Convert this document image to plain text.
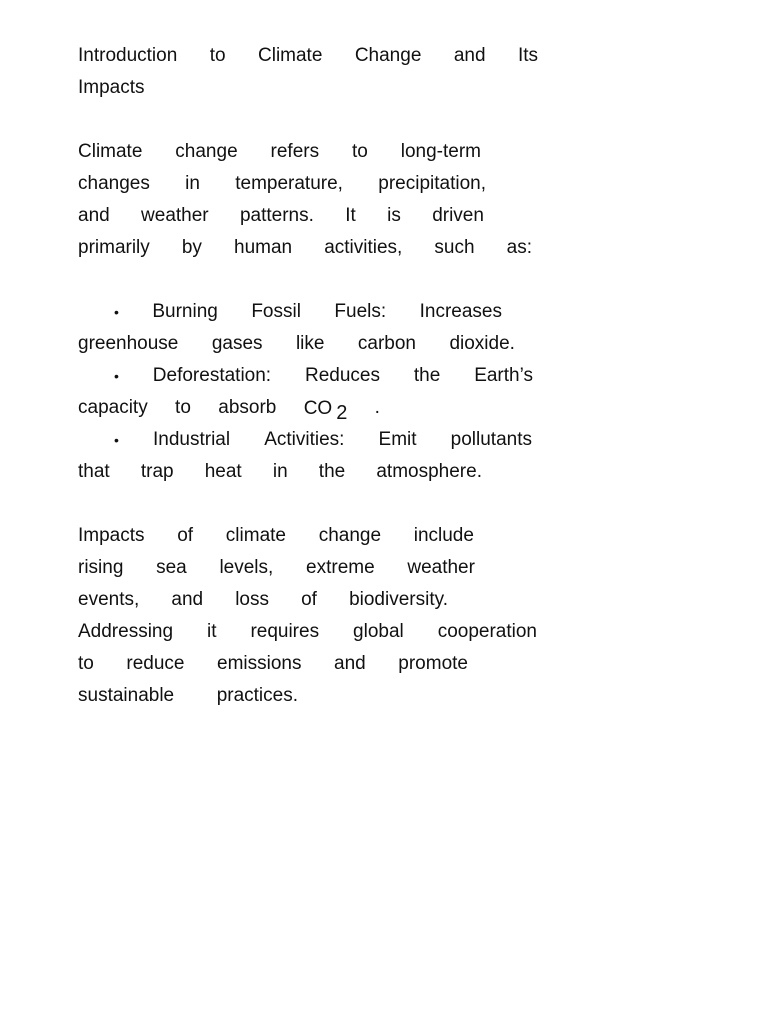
Introduction to Climate Change and Its
Impacts
Climate change refers to long-term
changes in temperature, precipitation,
and weather patterns. It is driven
primarily by human activities, such as:
• Burning Fossil Fuels: Increases
greenhouse gases like carbon dioxide.
• Deforestation: Reduces the Earth’s
capacity to absorb CO 2 .
• Industrial Activities: Emit pollutants
that trap heat in the atmosphere.
Impacts of climate change include
rising sea levels, extreme weather
events, and loss of biodiversity.
Addressing it requires global cooperation
to reduce emissions and promote
sustainable practices.
